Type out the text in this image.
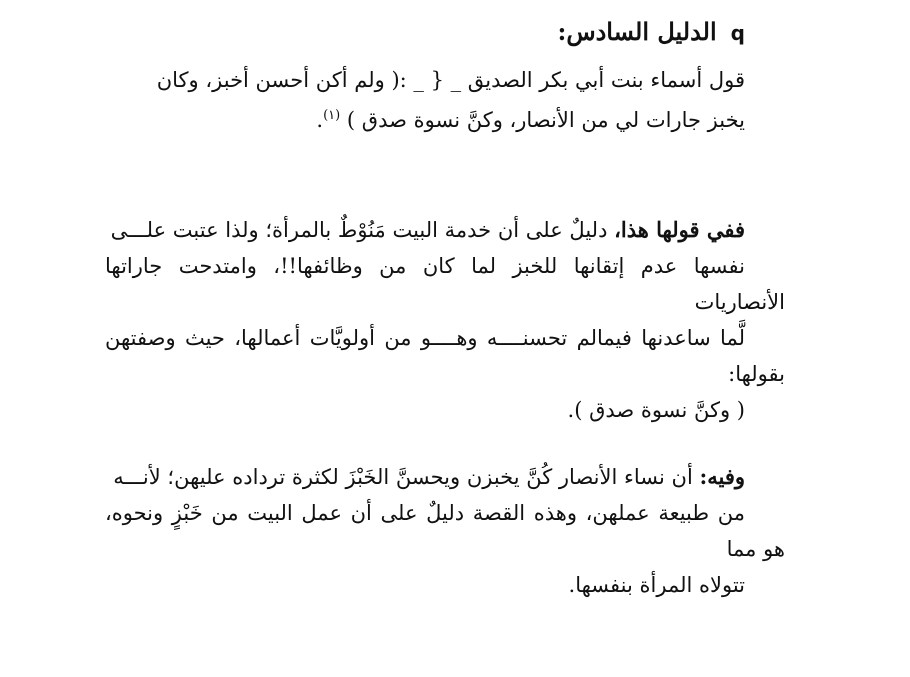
qالدليل السادس:
قول أسماء بنت أبي بكر الصديق _ { _ :( ولم أكن أحسن أخبز، وكان
يخبز جارات لي من الأنصار، وكنَّ نسوة صدق ) $^{(١)}$.
ففي قولها هذا، دليلٌ على أن خدمة البيت مَنُوْطٌ بالمرأة؛ ولذا عتبت علـــى
نفسها عدم إتقانها للخبز لما كان من وظائفها!!، وامتدحت جاراتها الأنصاريات
لَّما ساعدنها فيمالم تحسنــــه وهــــو من أولويَّات أعمالها، حيث وصفتهن بقولها:
( وكنَّ نسوة صدق ).
وفيه: أن نساء الأنصار كُنَّ يخبزن ويحسنَّ الخَبْزَ لكثرة ترداده عليهن؛ لأنـــه
من طبيعة عملهن، وهذه القصة دليلٌ على أن عمل البيت من خَبْزٍ ونحوه، هو مما
تتولاه المرأة بنفسها.
